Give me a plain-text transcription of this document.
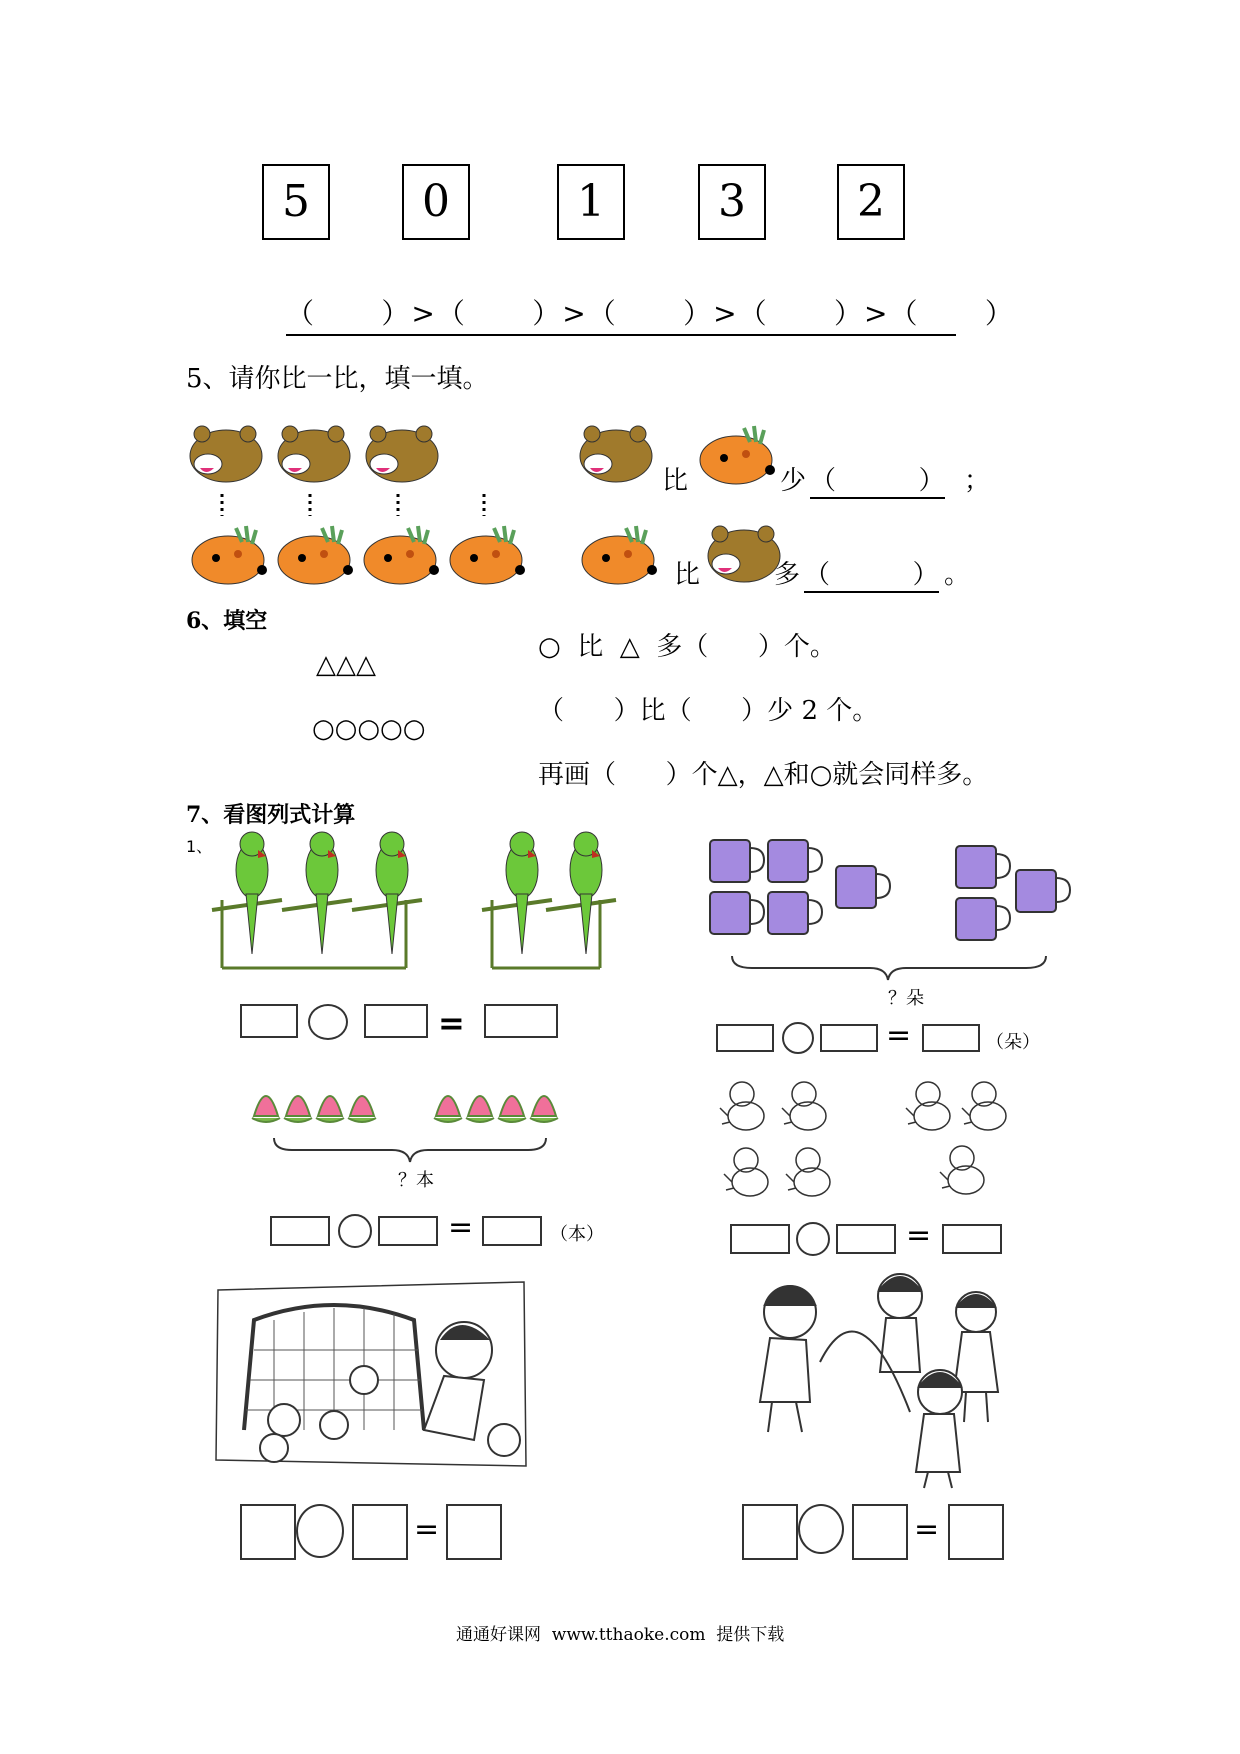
5	0	1	3	2
（      ）>（      ）>（      ）>（      ）>（      ）
5、请你比一比，填一填。
比	少 （          ） ；
比	多 （          ） 。
6、填空
△△△
○○○○○
○  比  △  多（      ）个。
（      ）比（      ）少 2 个。
再画（      ）个△，△和○就会同样多。
7、看图列式计算
1、
=
？朵
=	（朵）
？本
=	（本）	=
=	=
通通好课网  www.tthaoke.com  提供下载
